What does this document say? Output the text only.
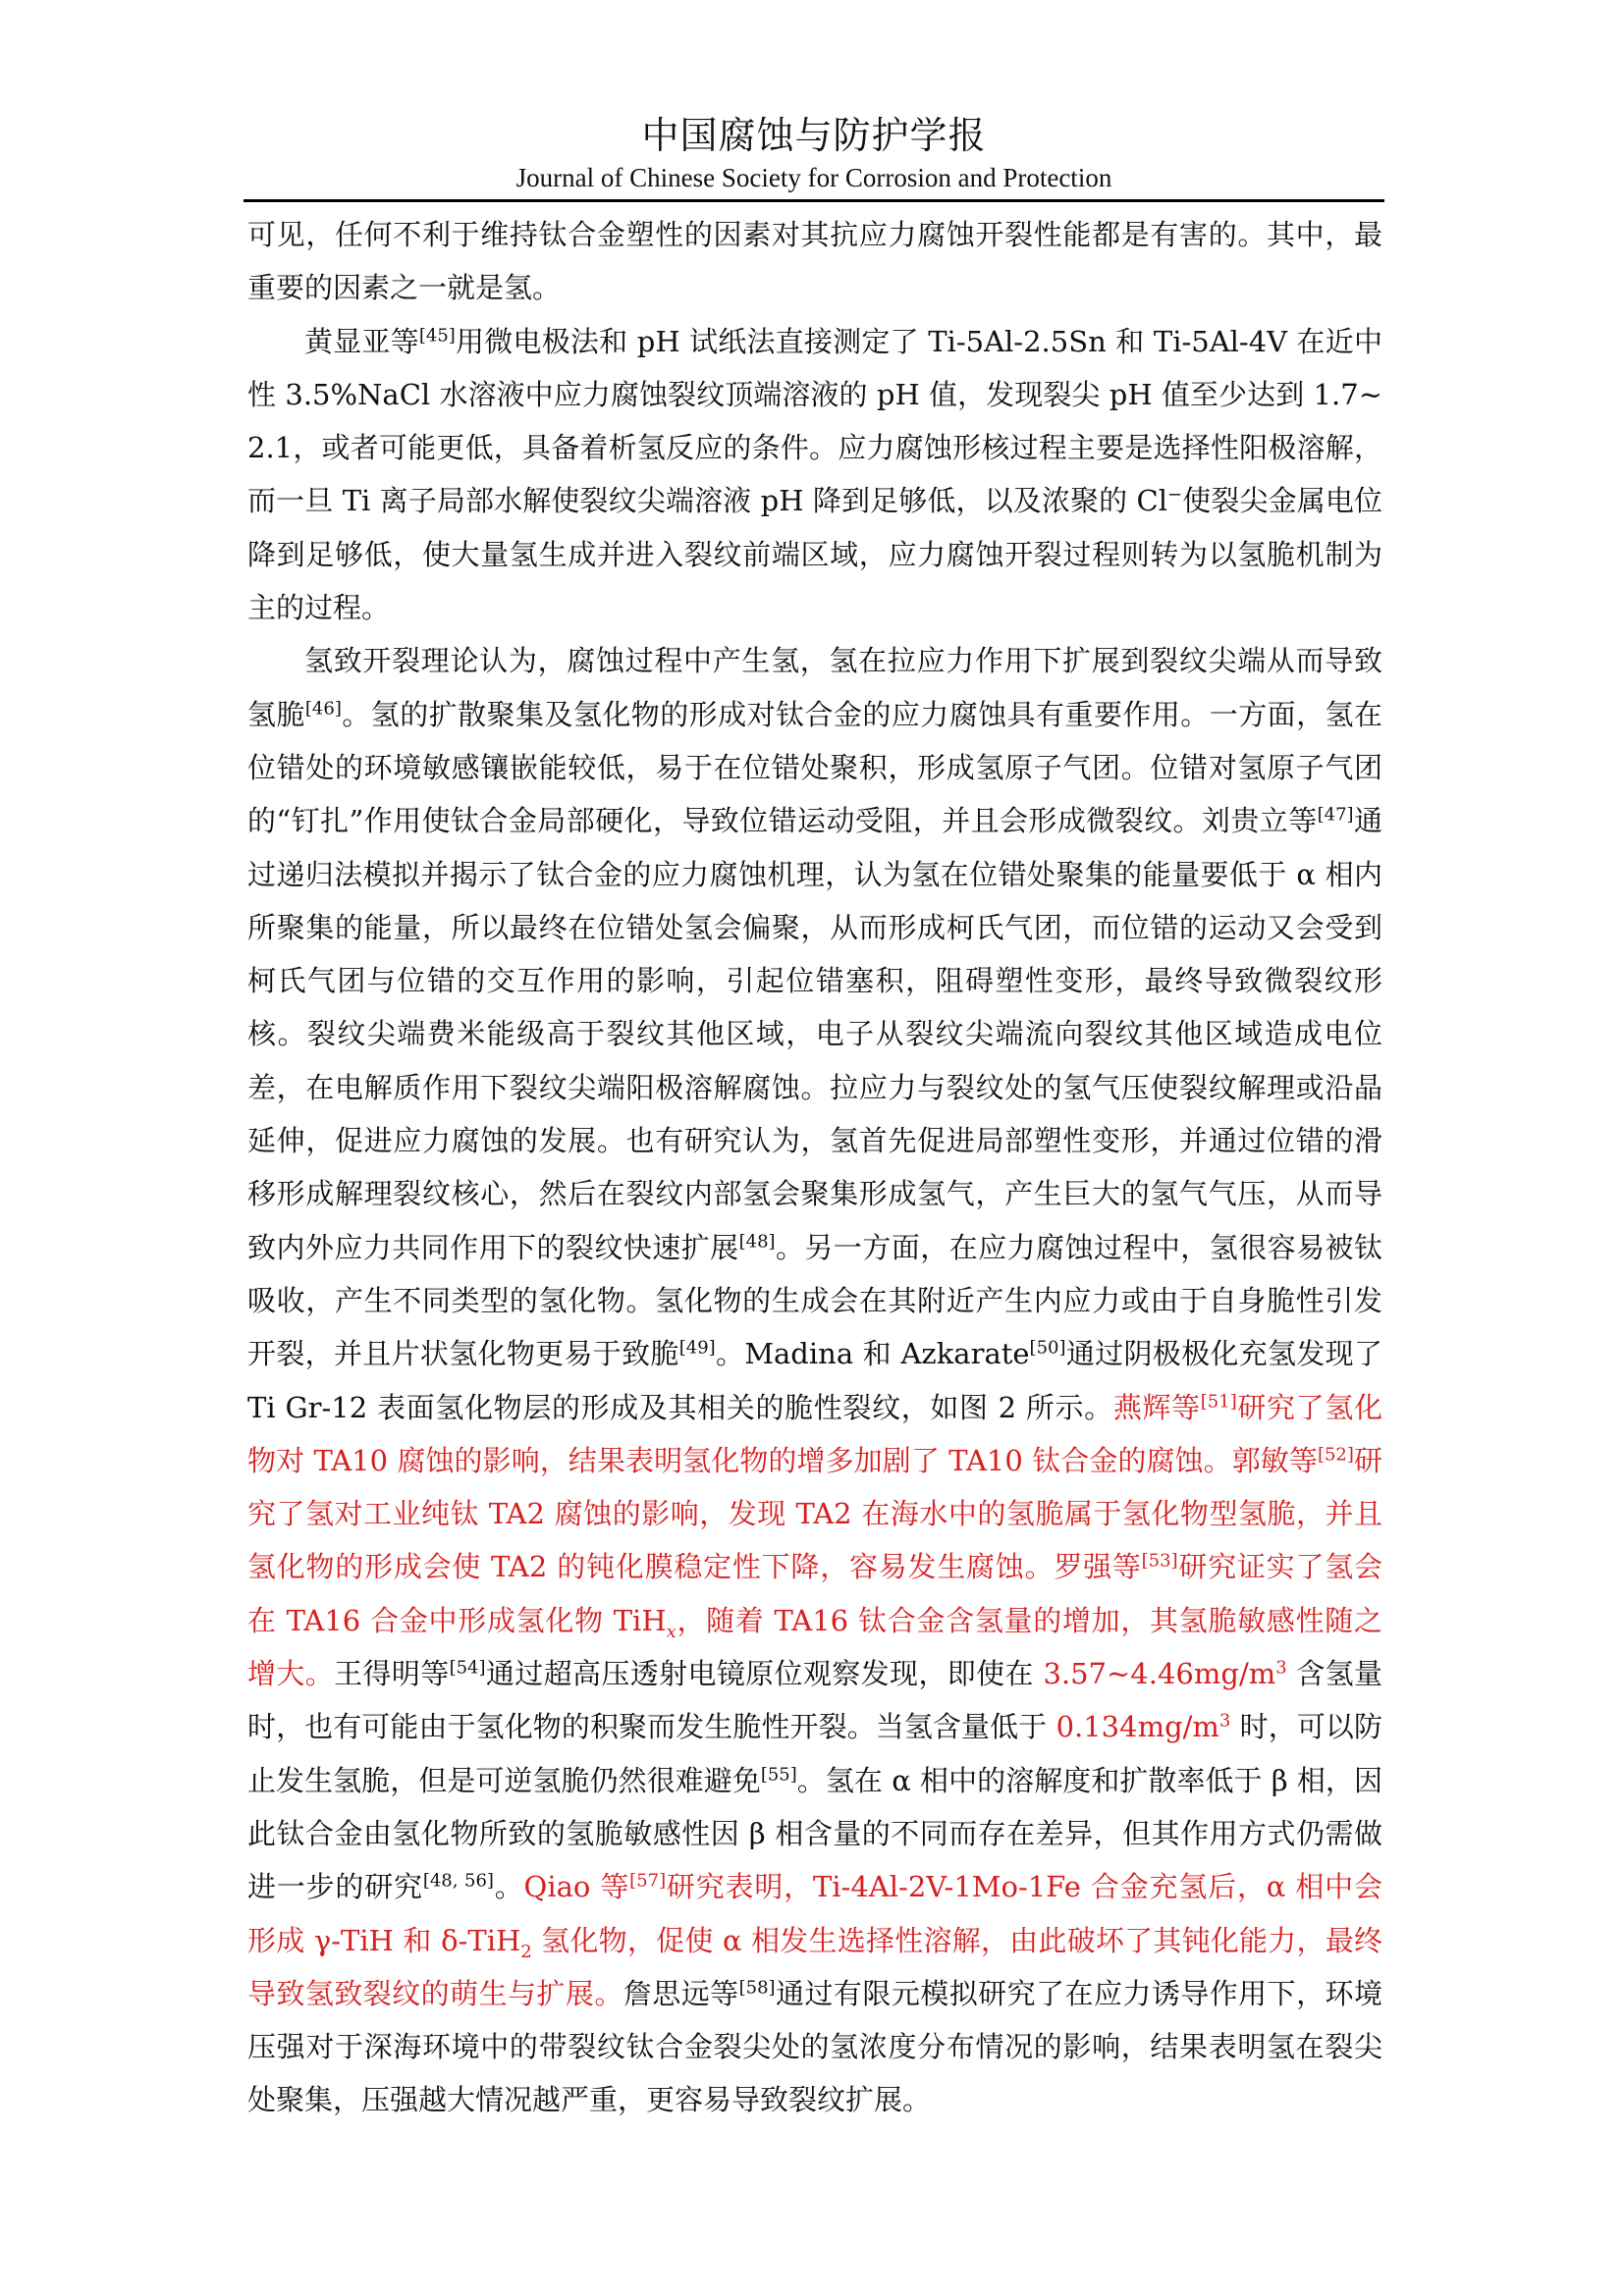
中国腐蚀与防护学报
Journal of Chinese Society for Corrosion and Protection

可见，任何不利于维持钛合金塑性的因素对其抗应力腐蚀开裂性能都是有害的。其中，最重要的因素之一就是氢。

黄显亚等[45]用微电极法和 pH 试纸法直接测定了 Ti-5Al-2.5Sn 和 Ti-5Al-4V 在近中性 3.5%NaCl 水溶液中应力腐蚀裂纹顶端溶液的 pH 值，发现裂尖 pH 值至少达到 1.7~2.1，或者可能更低，具备着析氢反应的条件。应力腐蚀形核过程主要是选择性阳极溶解，而一旦 Ti 离子局部水解使裂纹尖端溶液 pH 降到足够低，以及浓聚的 Cl−使裂尖金属电位降到足够低，使大量氢生成并进入裂纹前端区域，应力腐蚀开裂过程则转为以氢脆机制为主的过程。

氢致开裂理论认为，腐蚀过程中产生氢，氢在拉应力作用下扩展到裂纹尖端从而导致氢脆[46]。氢的扩散聚集及氢化物的形成对钛合金的应力腐蚀具有重要作用。一方面，氢在位错处的环境敏感镶嵌能较低，易于在位错处聚积，形成氢原子气团。位错对氢原子气团的“钉扎”作用使钛合金局部硬化，导致位错运动受阻，并且会形成微裂纹。刘贵立等[47]通过递归法模拟并揭示了钛合金的应力腐蚀机理，认为氢在位错处聚集的能量要低于 α 相内所聚集的能量，所以最终在位错处氢会偏聚，从而形成柯氏气团，而位错的运动又会受到柯氏气团与位错的交互作用的影响，引起位错塞积，阻碍塑性变形，最终导致微裂纹形核。裂纹尖端费米能级高于裂纹其他区域，电子从裂纹尖端流向裂纹其他区域造成电位差，在电解质作用下裂纹尖端阳极溶解腐蚀。拉应力与裂纹处的氢气压使裂纹解理或沿晶延伸，促进应力腐蚀的发展。也有研究认为，氢首先促进局部塑性变形，并通过位错的滑移形成解理裂纹核心，然后在裂纹内部氢会聚集形成氢气，产生巨大的氢气气压，从而导致内外应力共同作用下的裂纹快速扩展[48]。另一方面，在应力腐蚀过程中，氢很容易被钛吸收，产生不同类型的氢化物。氢化物的生成会在其附近产生内应力或由于自身脆性引发开裂，并且片状氢化物更易于致脆[49]。Madina 和 Azkarate[50]通过阴极极化充氢发现了 Ti Gr-12 表面氢化物层的形成及其相关的脆性裂纹，如图 2 所示。燕辉等[51]研究了氢化物对 TA10 腐蚀的影响，结果表明氢化物的增多加剧了 TA10 钛合金的腐蚀。郭敏等[52]研究了氢对工业纯钛 TA2 腐蚀的影响，发现 TA2 在海水中的氢脆属于氢化物型氢脆，并且氢化物的形成会使 TA2 的钝化膜稳定性下降，容易发生腐蚀。罗强等[53]研究证实了氢会在 TA16 合金中形成氢化物 TiH$_x$，随着 TA16 钛合金含氢量的增加，其氢脆敏感性随之增大。王得明等[54]通过超高压透射电镜原位观察发现，即使在 $3.57\sim 4.46mg/m^3$ 含氢量时，也有可能由于氢化物的积聚而发生脆性开裂。当氢含量低于 $0.134mg/m^3$ 时，可以防止发生氢脆，但是可逆氢脆仍然很难避免[55]。氢在 α 相中的溶解度和扩散率低于 β 相，因此钛合金由氢化物所致的氢脆敏感性因 β 相含量的不同而存在差异，但其作用方式仍需做进一步的研究[48, 56]。Qiao 等[57]研究表明，Ti-4Al-2V-1Mo-1Fe 合金充氢后，α 相中会形成 γ-TiH 和 δ-TiH$_2$ 氢化物，促使 α 相发生选择性溶解，由此破坏了其钝化能力，最终导致氢致裂纹的萌生与扩展。詹思远等[58]通过有限元模拟研究了在应力诱导作用下，环境压强对于深海环境中的带裂纹钛合金裂尖处的氢浓度分布情况的影响，结果表明氢在裂尖处聚集，压强越大情况越严重，更容易导致裂纹扩展。
